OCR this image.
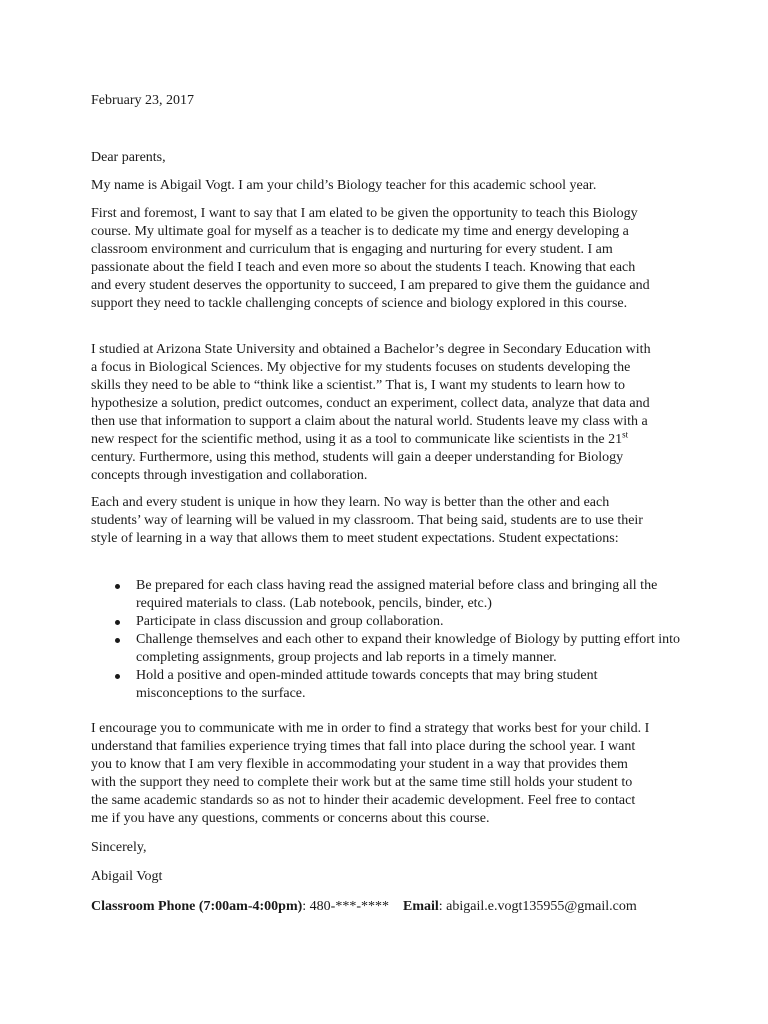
February 23, 2017
Dear parents,

My name is Abigail Vogt. I am your child’s Biology teacher for this academic school year.

First and foremost, I want to say that I am elated to be given the opportunity to teach this Biology course. My ultimate goal for myself as a teacher is to dedicate my time and energy developing a classroom environment and curriculum that is engaging and nurturing for every student. I am passionate about the field I teach and even more so about the students I teach. Knowing that each and every student deserves the opportunity to succeed, I am prepared to give them the guidance and support they need to tackle challenging concepts of science and biology explored in this course.

I studied at Arizona State University and obtained a Bachelor’s degree in Secondary Education with a focus in Biological Sciences. My objective for my students focuses on students developing the skills they need to be able to “think like a scientist.” That is, I want my students to learn how to hypothesize a solution, predict outcomes, conduct an experiment, collect data, analyze that data and then use that information to support a claim about the natural world. Students leave my class with a new respect for the scientific method, using it as a tool to communicate like scientists in the 21st century. Furthermore, using this method, students will gain a deeper understanding for Biology concepts through investigation and collaboration.

Each and every student is unique in how they learn. No way is better than the other and each students’ way of learning will be valued in my classroom. That being said, students are to use their style of learning in a way that allows them to meet student expectations. Student expectations:

Be prepared for each class having read the assigned material before class and bringing all the required materials to class. (Lab notebook, pencils, binder, etc.)
Participate in class discussion and group collaboration.
Challenge themselves and each other to expand their knowledge of Biology by putting effort into completing assignments, group projects and lab reports in a timely manner.
Hold a positive and open-minded attitude towards concepts that may bring student misconceptions to the surface.

I encourage you to communicate with me in order to find a strategy that works best for your child. I understand that families experience trying times that fall into place during the school year. I want you to know that I am very flexible in accommodating your student in a way that provides them with the support they need to complete their work but at the same time still holds your student to the same academic standards so as not to hinder their academic development. Feel free to contact me if you have any questions, comments or concerns about this course.

Sincerely,
Abigail Vogt
Classroom Phone (7:00am-4:00pm): 480-***-**** Email: abigail.e.vogt135955@gmail.com
